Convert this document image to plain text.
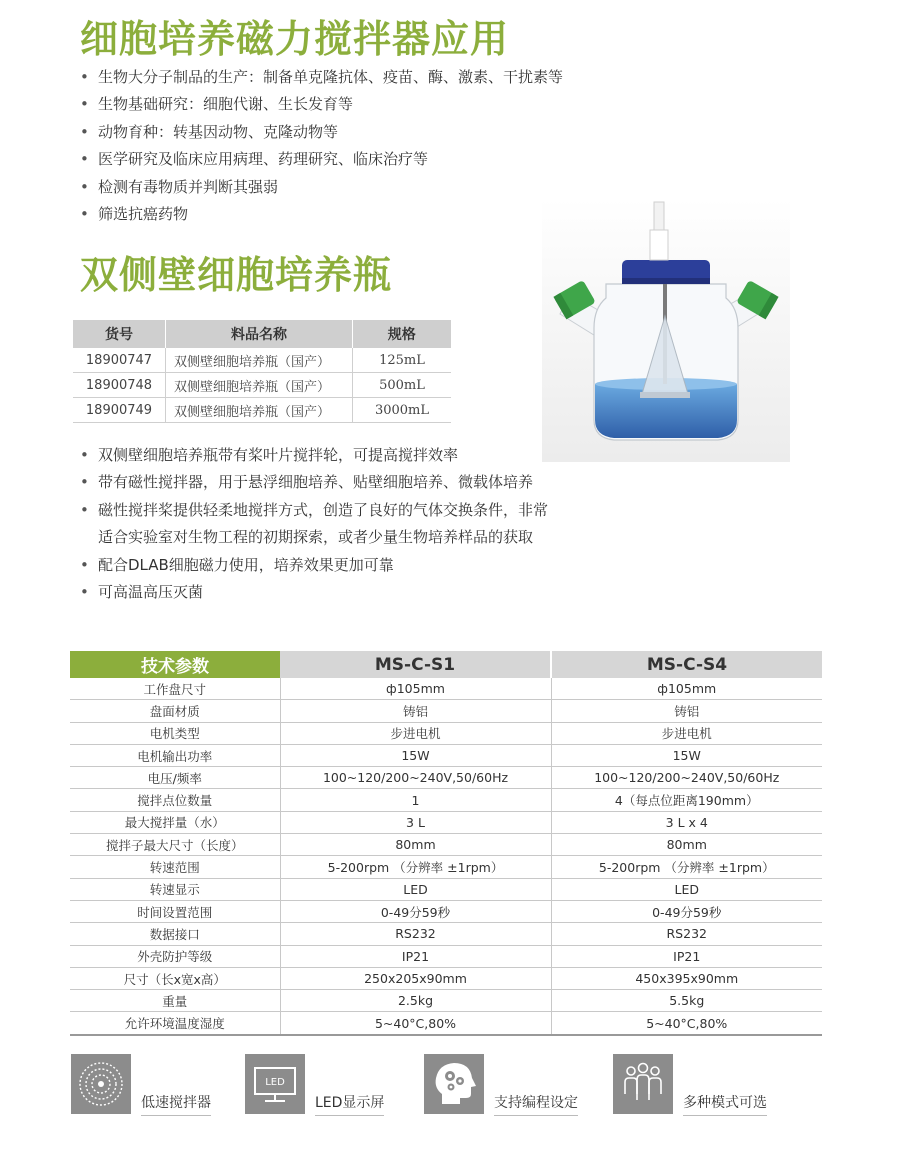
细胞培养磁力搅拌器应用
• 生物大分子制品的生产：制备单克隆抗体、疫苗、酶、激素、干扰素等
• 生物基础研究：细胞代谢、生长发育等
• 动物育种：转基因动物、克隆动物等
• 医学研究及临床应用病理、药理研究、临床治疗等
• 检测有毒物质并判断其强弱
• 筛选抗癌药物
双侧壁细胞培养瓶
货号	料品名称	规格
18900747	双侧壁细胞培养瓶（国产）	125mL
18900748	双侧壁细胞培养瓶（国产）	500mL
18900749	双侧壁细胞培养瓶（国产）	3000mL
• 双侧壁细胞培养瓶带有桨叶片搅拌轮，可提高搅拌效率
• 带有磁性搅拌器，用于悬浮细胞培养、贴壁细胞培养、微载体培养
• 磁性搅拌桨提供轻柔地搅拌方式，创造了良好的气体交换条件，非常
适合实验室对生物工程的初期探索，或者少量生物培养样品的获取
• 配合DLAB细胞磁力使用，培养效果更加可靠
• 可高温高压灭菌
技术参数	MS-C-S1	MS-C-S4
工作盘尺寸	ф105mm	ф105mm
盘面材质	铸铝	铸铝
电机类型	步进电机	步进电机
电机输出功率	15W	15W
电压/频率	100~120/200~240V,50/60Hz	100~120/200~240V,50/60Hz
搅拌点位数量	1	4（每点位距离190mm）
最大搅拌量（水）	3 L	3 L x 4
搅拌子最大尺寸（长度）	80mm	80mm
转速范围	5-200rpm （分辨率 ±1rpm）	5-200rpm （分辨率 ±1rpm）
转速显示	LED	LED
时间设置范围	0-49分59秒	0-49分59秒
数据接口	RS232	RS232
外壳防护等级	IP21	IP21
尺寸（长x宽x高）	250x205x90mm	450x395x90mm
重量	2.5kg	5.5kg
允许环境温度湿度	5~40°C,80%	5~40°C,80%
低速搅拌器
LED
LED显示屏	支持编程设定	多种模式可选
